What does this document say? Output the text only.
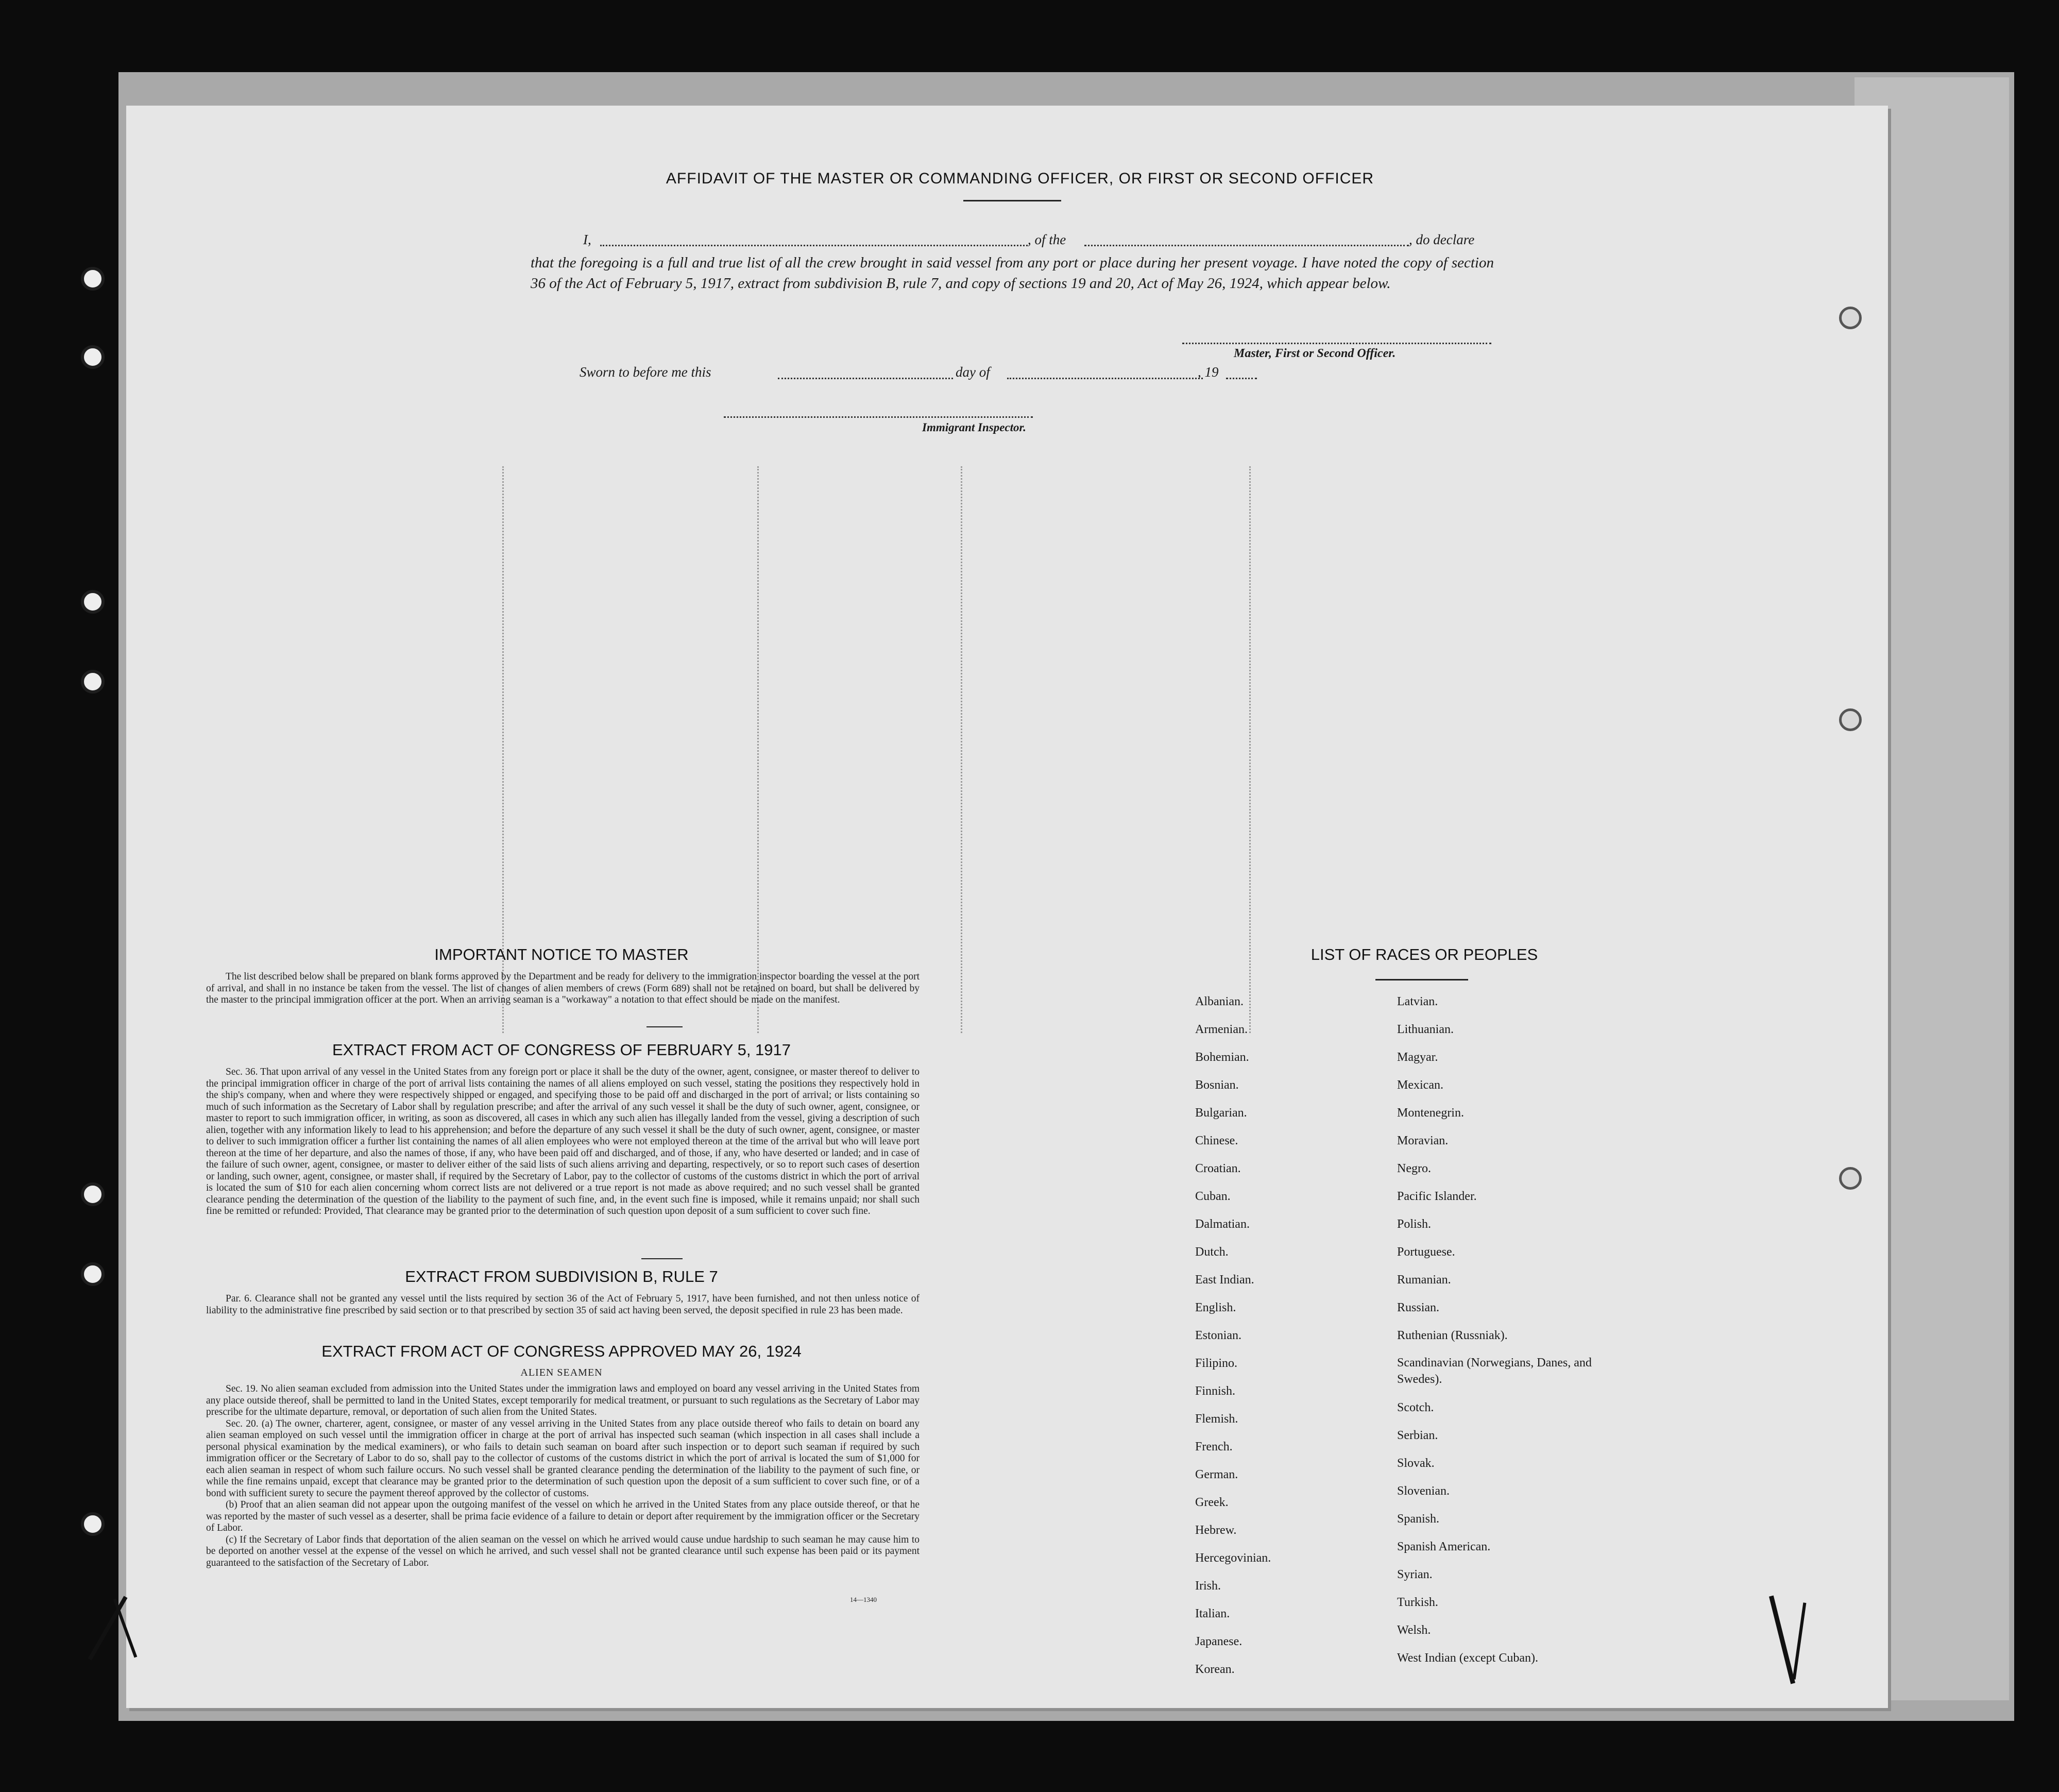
AFFIDAVIT OF THE MASTER OR COMMANDING OFFICER, OR FIRST OR SECOND OFFICER
I,	, of the	, do declare
that the foregoing is a full and true list of all the crew brought in said vessel from any port or place during her present voyage. I have noted the copy of section 36 of the Act of February 5, 1917, extract from subdivision B, rule 7, and copy of sections 19 and 20, Act of May 26, 1924, which appear below.
Master, First or Second Officer.
Sworn to before me this	day of	, 19
Immigrant Inspector.
IMPORTANT NOTICE TO MASTER

The list described below shall be prepared on blank forms approved by the Department and be ready for delivery to the immigration inspector boarding the vessel at the port of arrival, and shall in no instance be taken from the vessel. The list of changes of alien members of crews (Form 689) shall not be retained on board, but shall be delivered by the master to the principal immigration officer at the port. When an arriving seaman is a "workaway" a notation to that effect should be made on the manifest.

EXTRACT FROM ACT OF CONGRESS OF FEBRUARY 5, 1917

Sec. 36. That upon arrival of any vessel in the United States from any foreign port or place it shall be the duty of the owner, agent, consignee, or master thereof to deliver to the principal immigration officer in charge of the port of arrival lists containing the names of all aliens employed on such vessel, stating the positions they respectively hold in the ship's company, when and where they were respectively shipped or engaged, and specifying those to be paid off and discharged in the port of arrival; or lists containing so much of such information as the Secretary of Labor shall by regulation prescribe; and after the arrival of any such vessel it shall be the duty of such owner, agent, consignee, or master to report to such immigration officer, in writing, as soon as discovered, all cases in which any such alien has illegally landed from the vessel, giving a description of such alien, together with any information likely to lead to his apprehension; and before the departure of any such vessel it shall be the duty of such owner, agent, consignee, or master to deliver to such immigration officer a further list containing the names of all alien employees who were not employed thereon at the time of the arrival but who will leave port thereon at the time of her departure, and also the names of those, if any, who have been paid off and discharged, and of those, if any, who have deserted or landed; and in case of the failure of such owner, agent, consignee, or master to deliver either of the said lists of such aliens arriving and departing, respectively, or so to report such cases of desertion or landing, such owner, agent, consignee, or master shall, if required by the Secretary of Labor, pay to the collector of customs of the customs district in which the port of arrival is located the sum of $10 for each alien concerning whom correct lists are not delivered or a true report is not made as above required; and no such vessel shall be granted clearance pending the determination of the question of the liability to the payment of such fine, and, in the event such fine is imposed, while it remains unpaid; nor shall such fine be remitted or refunded: Provided, That clearance may be granted prior to the determination of such question upon deposit of a sum sufficient to cover such fine.

EXTRACT FROM SUBDIVISION B, RULE 7

Par. 6. Clearance shall not be granted any vessel until the lists required by section 36 of the Act of February 5, 1917, have been furnished, and not then unless notice of liability to the administrative fine prescribed by said section or to that prescribed by section 35 of said act having been served, the deposit specified in rule 23 has been made.

EXTRACT FROM ACT OF CONGRESS APPROVED MAY 26, 1924
ALIEN SEAMEN

Sec. 19. No alien seaman excluded from admission into the United States under the immigration laws and employed on board any vessel arriving in the United States from any place outside thereof, shall be permitted to land in the United States, except temporarily for medical treatment, or pursuant to such regulations as the Secretary of Labor may prescribe for the ultimate departure, removal, or deportation of such alien from the United States.

Sec. 20. (a) The owner, charterer, agent, consignee, or master of any vessel arriving in the United States from any place outside thereof who fails to detain on board any alien seaman employed on such vessel until the immigration officer in charge at the port of arrival has inspected such seaman (which inspection in all cases shall include a personal physical examination by the medical examiners), or who fails to detain such seaman on board after such inspection or to deport such seaman if required by such immigration officer or the Secretary of Labor to do so, shall pay to the collector of customs of the customs district in which the port of arrival is located the sum of $1,000 for each alien seaman in respect of whom such failure occurs. No such vessel shall be granted clearance pending the determination of the liability to the payment of such fine, or while the fine remains unpaid, except that clearance may be granted prior to the determination of such question upon the deposit of a sum sufficient to cover such fine, or of a bond with sufficient surety to secure the payment thereof approved by the collector of customs.

(b) Proof that an alien seaman did not appear upon the outgoing manifest of the vessel on which he arrived in the United States from any place outside thereof, or that he was reported by the master of such vessel as a deserter, shall be prima facie evidence of a failure to detain or deport after requirement by the immigration officer or the Secretary of Labor.

(c) If the Secretary of Labor finds that deportation of the alien seaman on the vessel on which he arrived would cause undue hardship to such seaman he may cause him to be deported on another vessel at the expense of the vessel on which he arrived, and such vessel shall not be granted clearance until such expense has been paid or its payment guaranteed to the satisfaction of the Secretary of Labor.

14—1340
LIST OF RACES OR PEOPLES
Albanian.
Armenian.
Bohemian.
Bosnian.
Bulgarian.
Chinese.
Croatian.
Cuban.
Dalmatian.
Dutch.
East Indian.
English.
Estonian.
Filipino.
Finnish.
Flemish.
French.
German.
Greek.
Hebrew.
Hercegovinian.
Irish.
Italian.
Japanese.
Korean.
Latvian.
Lithuanian.
Magyar.
Mexican.
Montenegrin.
Moravian.
Negro.
Pacific Islander.
Polish.
Portuguese.
Rumanian.
Russian.
Ruthenian (Russniak).
Scandinavian (Norwegians, Danes, and Swedes).
Scotch.
Serbian.
Slovak.
Slovenian.
Spanish.
Spanish American.
Syrian.
Turkish.
Welsh.
West Indian (except Cuban).
